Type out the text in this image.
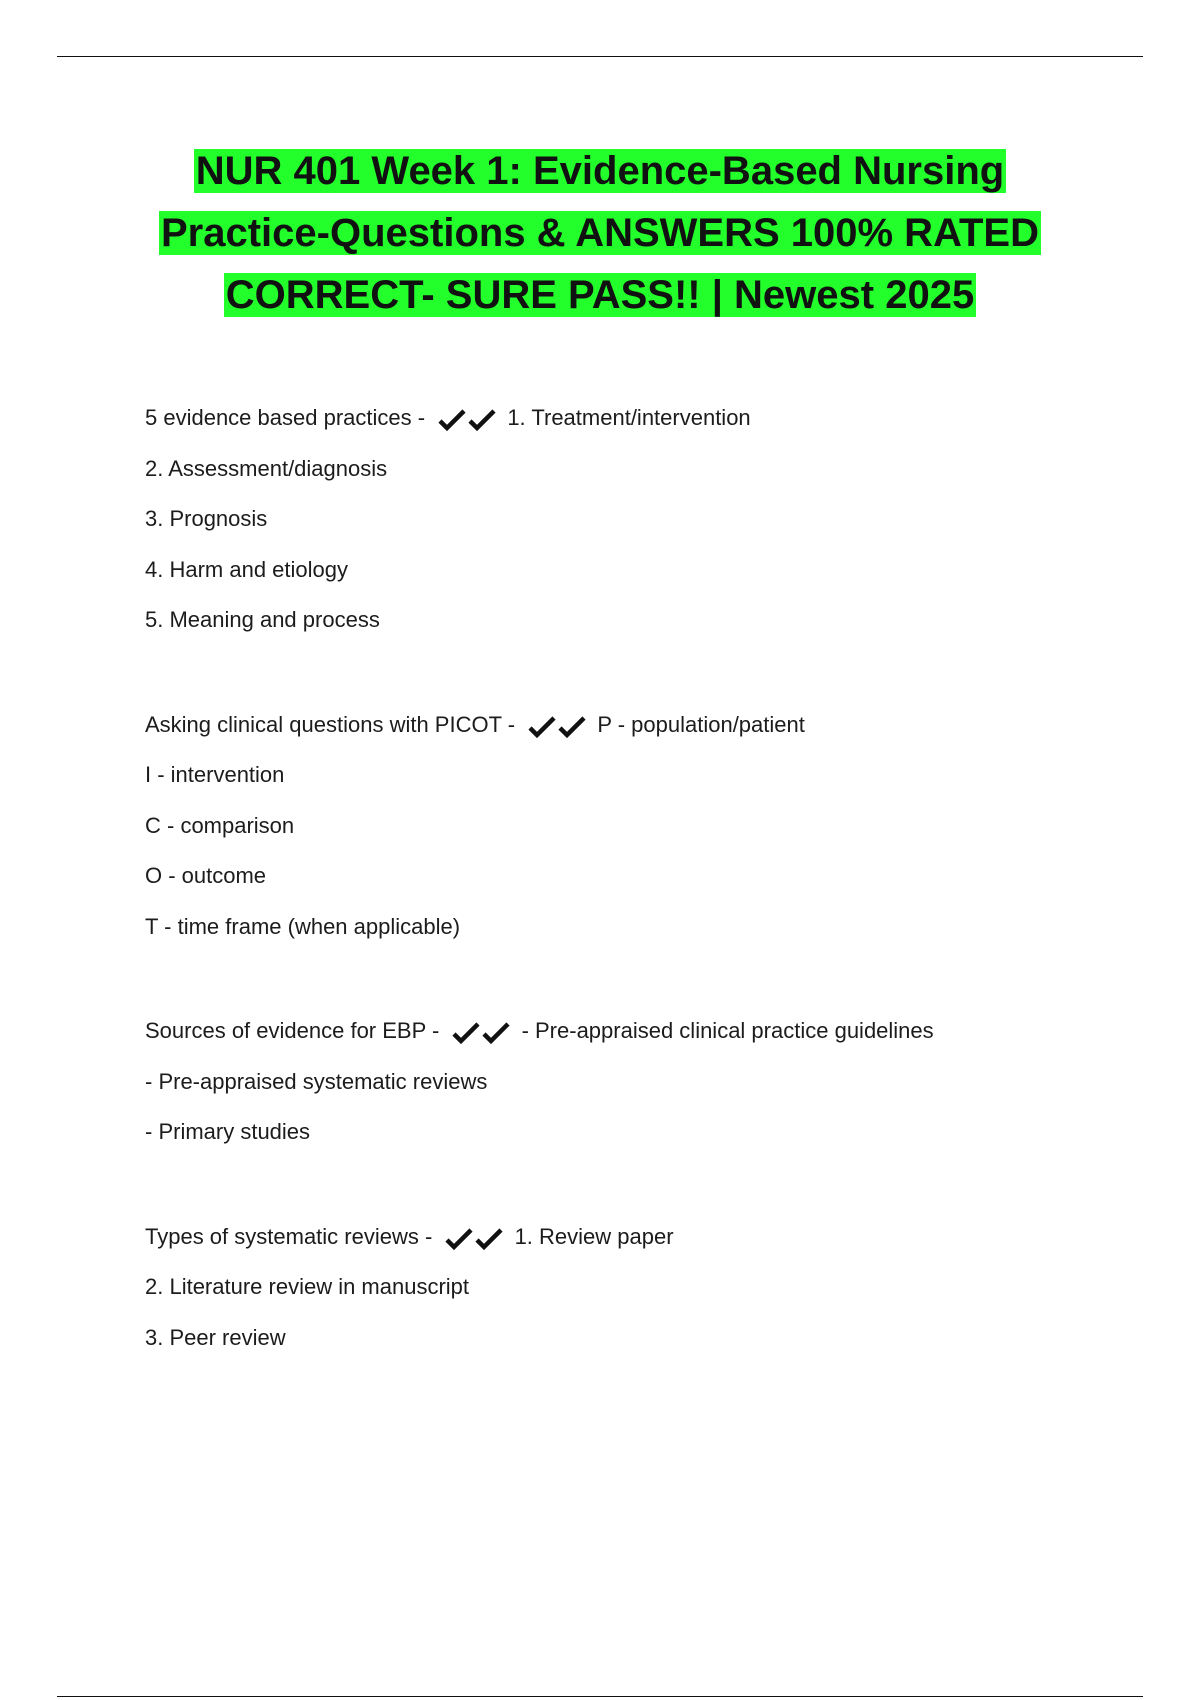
NUR 401 Week 1: Evidence-Based Nursing
Practice-Questions & ANSWERS 100% RATED
CORRECT- SURE PASS!! | Newest 2025
5 evidence based practices -	1. Treatment/intervention
2. Assessment/diagnosis
3. Prognosis
4. Harm and etiology
5. Meaning and process
Asking clinical questions with PICOT -	P - population/patient
I - intervention
C - comparison
O - outcome
T - time frame (when applicable)
Sources of evidence for EBP -	- Pre-appraised clinical practice guidelines
- Pre-appraised systematic reviews
- Primary studies
Types of systematic reviews -	1. Review paper
2. Literature review in manuscript
3. Peer review
